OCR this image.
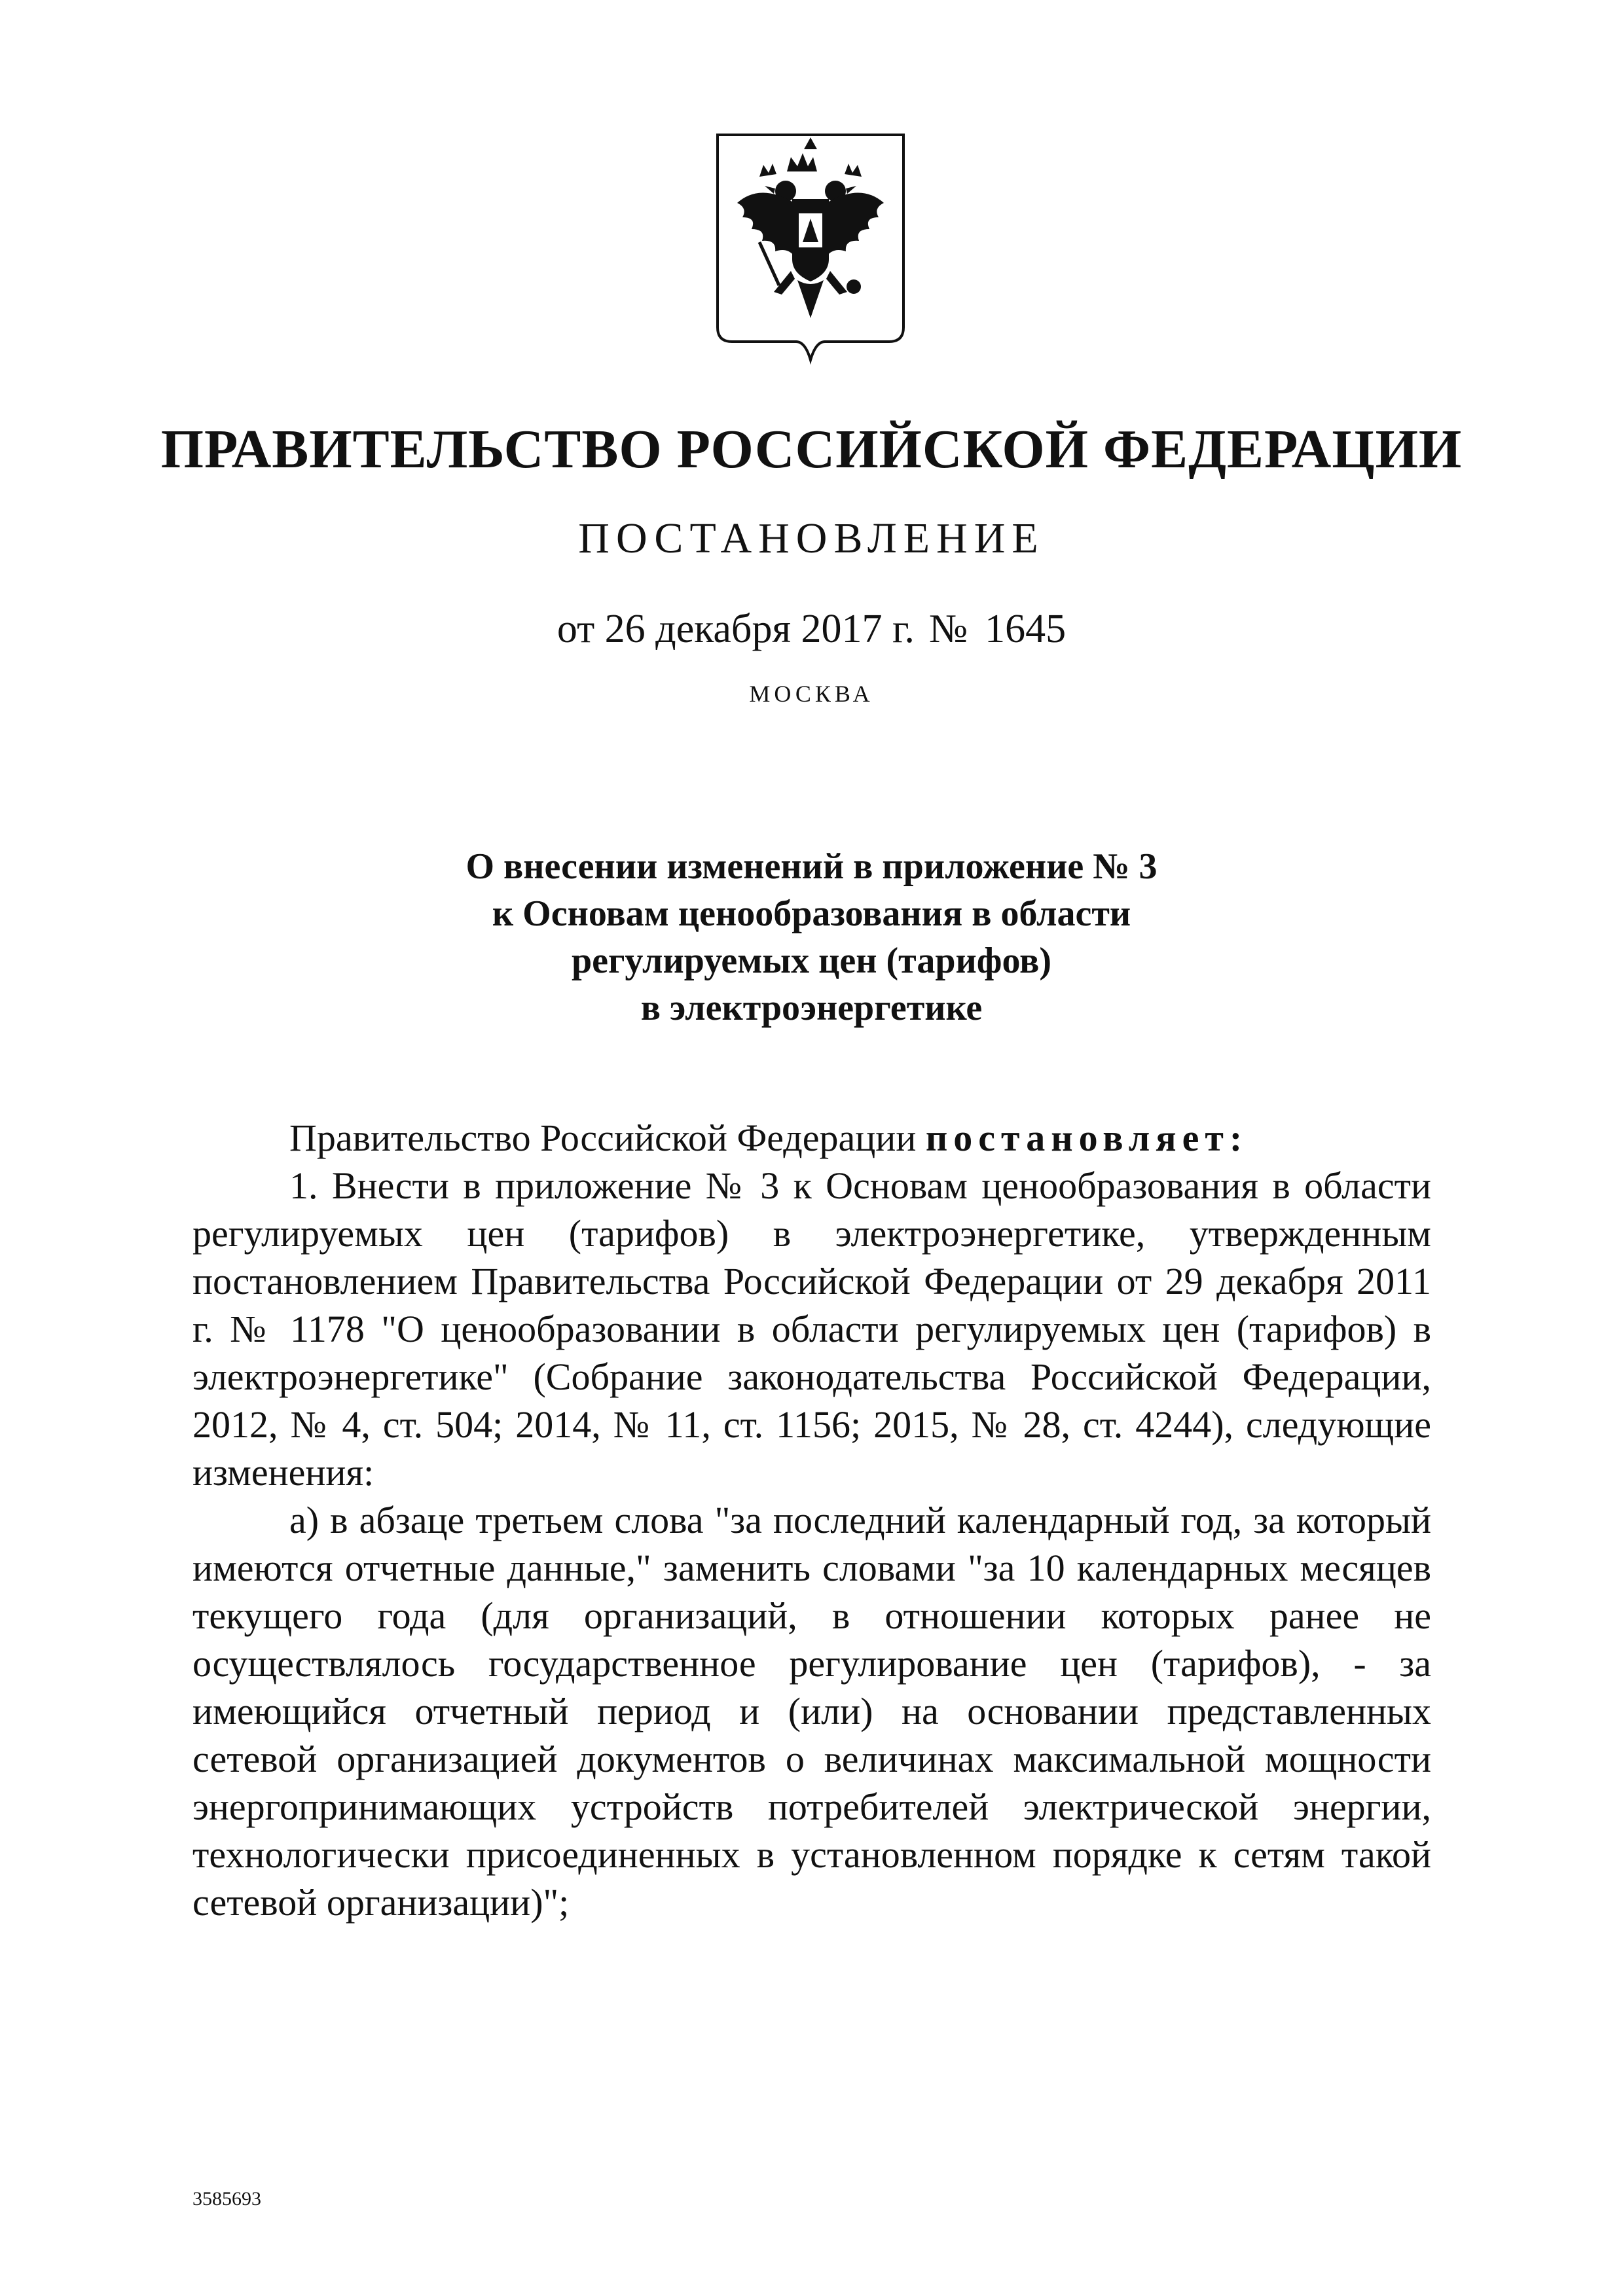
ПРАВИТЕЛЬСТВО РОССИЙСКОЙ ФЕДЕРАЦИИ
ПОСТАНОВЛЕНИЕ
от 26 декабря 2017 г. № 1645
МОСКВА
О внесении изменений в приложение № 3
к Основам ценообразования в области
регулируемых цен (тарифов)
в электроэнергетике

Правительство Российской Федерации постановляет:

1. Внести в приложение № 3 к Основам ценообразования в области регулируемых цен (тарифов) в электроэнергетике, утвержденным постановлением Правительства Российской Федерации от 29 декабря 2011 г. № 1178 "О ценообразовании в области регулируемых цен (тарифов) в электроэнергетике" (Собрание законодательства Российской Федерации, 2012, № 4, ст. 504; 2014, № 11, ст. 1156; 2015, № 28, ст. 4244), следующие изменения:

а) в абзаце третьем слова "за последний календарный год, за который имеются отчетные данные," заменить словами "за 10 календарных месяцев текущего года (для организаций, в отношении которых ранее не осуществлялось государственное регулирование цен (тарифов), - за имеющийся отчетный период и (или) на основании представленных сетевой организацией документов о величинах максимальной мощности энергопринимающих устройств потребителей электрической энергии, технологически присоединенных в установленном порядке к сетям такой сетевой организации)";

3585693
